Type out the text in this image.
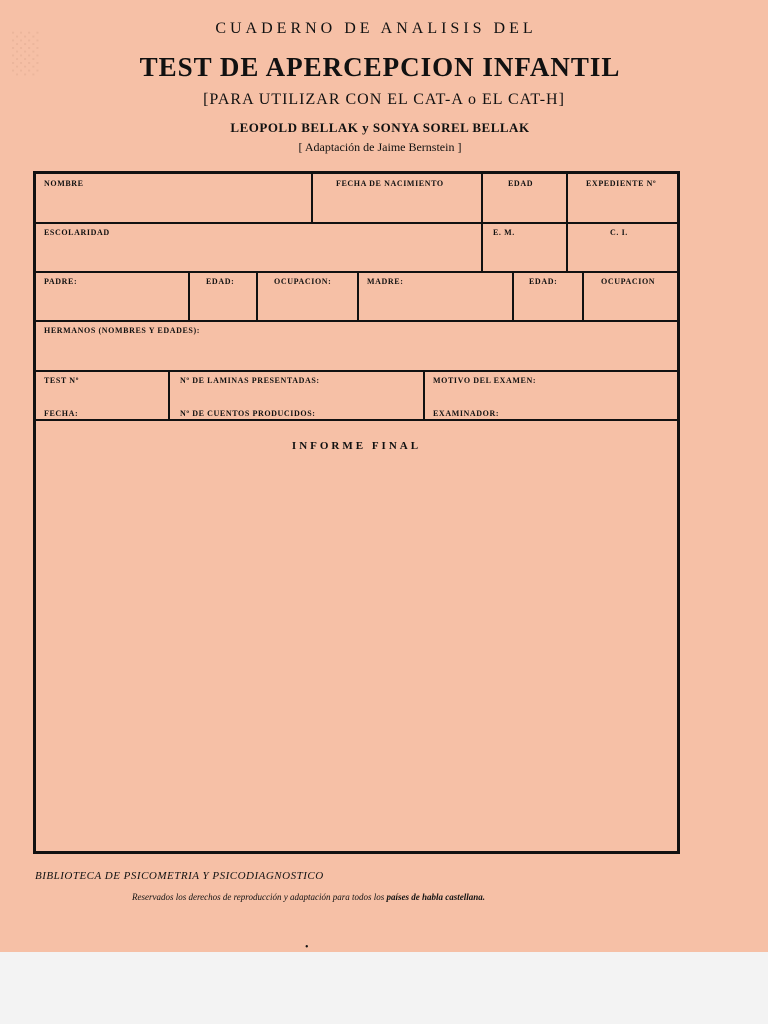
░
CUADERNO DE ANALISIS DEL
TEST DE APERCEPCION INFANTIL
[PARA UTILIZAR CON EL CAT-A o EL CAT-H]
LEOPOLD BELLAK y SONYA SOREL BELLAK
[ Adaptación de Jaime Bernstein ]
NOMBRE	FECHA DE NACIMIENTO	EDAD	EXPEDIENTE Nº
ESCOLARIDAD	E. M.	C. I.
PADRE:	EDAD:	OCUPACION:	MADRE:	EDAD:	OCUPACION
HERMANOS (NOMBRES Y EDADES):
TEST Nº	Nº DE LAMINAS PRESENTADAS:	MOTIVO DEL EXAMEN:
FECHA:	Nº DE CUENTOS PRODUCIDOS:	EXAMINADOR:
INFORME FINAL
BIBLIOTECA DE PSICOMETRIA Y PSICODIAGNOSTICO
Reservados los derechos de reproducción y adaptación para todos los países de habla castellana.
•
